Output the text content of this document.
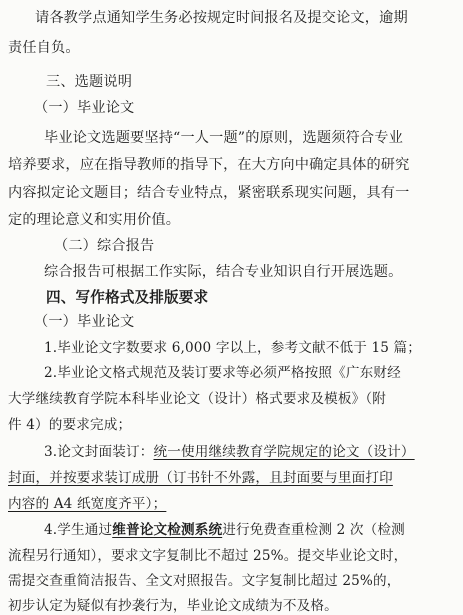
请各教学点通知学生务必按规定时间报名及提交论文，逾期
责任自负。
三、选题说明
（一）毕业论文
毕业论文选题要坚持“一人一题”的原则，选题须符合专业
培养要求，应在指导教师的指导下，在大方向中确定具体的研究
内容拟定论文题目；结合专业特点，紧密联系现实问题，具有一
定的理论意义和实用价值。
（二）综合报告
综合报告可根据工作实际，结合专业知识自行开展选题。
四、写作格式及排版要求
（一）毕业论文
1.毕业论文字数要求 6,000 字以上，参考文献不低于 15 篇；
2.毕业论文格式规范及装订要求等必须严格按照《广东财经
大学继续教育学院本科毕业论文（设计）格式要求及模板》（附
件 4）的要求完成；
3.论文封面装订：统一使用继续教育学院规定的论文（设计）
封面，并按要求装订成册（订书针不外露，且封面要与里面打印
内容的 A4 纸宽度齐平）；
4.学生通过维普论文检测系统进行免费查重检测 2 次（检测
流程另行通知），要求文字复制比不超过 25%。提交毕业论文时，
需提交查重简洁报告、全文对照报告。文字复制比超过 25%的，
初步认定为疑似有抄袭行为，毕业论文成绩为不及格。
